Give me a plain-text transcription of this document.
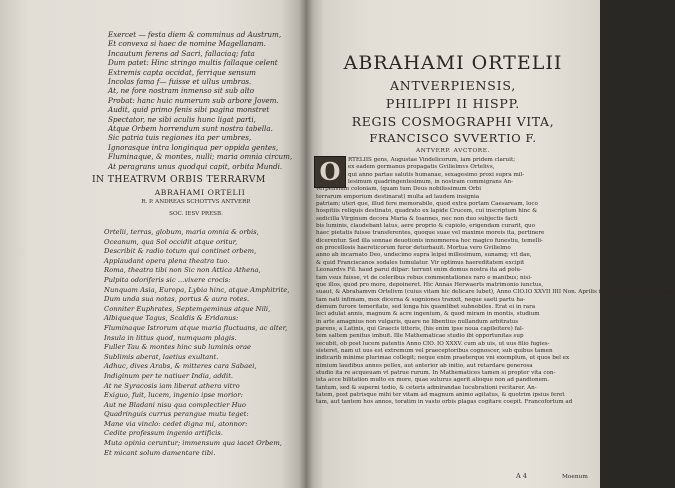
Exercet — festa diem & comminus ad Austrum,
Et convexa si haec de nomine Magellanam.
Incautum ferens ad Sacri, fallaciaq; fata
Dum patet: Hinc stringo multis fallaque celent
Extremis capta occidat, ferrique sensum
Incolas fama f— fuisse et ullus umbras.
At, ne fore nostram inmenso sit sub alto
Probat: hanc huic numerum sub arbore Jovem.
Audit, quid primo fenis sibi pagina monstret
Spectator, ne sibi aculis hunc ligat parti,
Atque Orbem horrendum sunt nostra tabella.
Sic patria tuis regiones ita per umbres,
Ignorasque intra longinqua per oppida gentes,
Fluminaque, & montes, nulli; maria omnia circum,
At peragrans unus quodqui capit, orbita Mundi.
IN THEATRVM ORBIS TERRARVM
ABRAHAMI ORTELII
R. P. ANDREAS SCHOTTVS ANTVERP.
SOC. IESV PRESB.
Ortelii, terras, globum, maria omnia & orbis,
Oceanum, qua Sol occidit atque oritur,
Describit & radio totum qui continet orbem,
Applaudant opera plena theatra tuo.
Roma, theatra tibi non Sic non Attica Athena,
Pulpita odoriferis sic ...vixere crocis:
Nunquam Asia, Europa, Lybia hinc, atque Amphitrite,
Dum unda sua notas, portus & aura rotes.
Conniter Euphrates, Septemgeminus atque Nili,
Albiqueque Tagus, Scaldis & Eridanus:
Fluminaque Istrorum atque maria fluctuans, ac alter,
Insula in littus quod, numquam plagis.
Fuller Tau & montes hinc sub luminis orae
Sublimis aberat, laetius exultant.
Adhuc, dives Arabs, & mitteres cara Sabaei,
Indiginum per te natiuer India, addit.
At ne Syracosis iam liberat athera vitro
Exiguo, fuit, lucem, ingenio ipse morior:
Aut ne Bladani nisu qua complectier Huo
Quadringuis currus perangue mutu teget:
Mane via vinclo: cedet digna mi, atonnor:
Cedite professum ingenio artificis.
Muta opinia ceruntur; immensum qua iacet Orbem,
Et micant solum damentare tibi.
ABRAHAMI ORTELII
ANTVERPIENSIS,
PHILIPPI II HISPP.
REGIS COSMOGRAPHI VITA,
FRANCISCO SVVERTIO F.
ANTVERP. AVCTORE.
O	RTELIIS gens, Augustae Vindelicorum, iam pridem claruit;
ex eadem germanus propagatis Gvilielmvs Ortelivs,
qui anno partae salutis humanae, sexagesimo proxi supra mil-
lesimum quadringentesimum, in nostram commigrans An-
verpensium coloniam, (quam tum Deus nobilissimum Orbi
terrarum emporium destinarat) multa ad laudem insignia
patriam; uteri que, illud fere memorabile, quod extra portam Caesaream, loco
hospitiis reliquis destinato, quadrato ex lapide Crucem, cui inscriptum hinc &
sedicilla Virginum decora Maria & Ioannes, nec non duo subjectis facti
bis luminis, claudebant latus, aere proprio & cupiolo, erigendam curarit, quo
haec pietatis fuisse transferentes, quoque suae vel maxime moreis ita, pertinere
dicerentur. Sed illa sonnae deuotionis innomnerea hoc magico funestiu, temelli-
on procellosis haereticorum furor deturbauit. Mortua vero Gvilielmo
anno ab incarnato Deo, undecimo supra leipsi millesimum, sunamq; vit dae,
& quid Franciscanos sodales tumulatur. Vir optimus haereditatem excipit
Leonardvs Fil. haud parui dilpar: terrunt enim domus nostra ita ad polu-
tum vsus fuisse, vt de celeribus rebus commentationes raro e manibus; nisi-
que illos, quod pro more, depoineret. Hic Annas Herwaerts matrimonio iunctus,
suaut, & Abrahamvm Ortelivm (cuius vitam hic delicare lubet), Anno CIO.IO XXVII IIII Non. Aprilis in lucem extulit, qui in illa-
tam nati infimam, mox dicerna & sugniones tranxit, neque saeti partu ha-
demum furore temeritate, sed longa his quamlibet subnobiles. Erat ei in rara
leci adulat annis, magnum & acre ingenium, & quod miram in montis, studium
in arte amagnius non vulgaris, quare ne libentius nullandum arbitratus
parens, a Latinis, qui Graecis litteris, (his enim ipse noua capileitere) fal-
tem saltem penitus imbuit. Ille Mathematicae studio ibi opportunitas sup
secubit, ob post lucem patentis Anno CIO. IO XXXV. cum ab uis, ut uus filio fugies-
sisteret, nam ut uus est extremum vel praeceptoribus cognoscer, sub quibus tamen
indicarib minime plurimae collegit; neque enim praeterque vni exemplum, ut quos bel ex
nimium laudibus annes pellex, aut anterior ab initio, aut retardare generosa
studio ita re acqueuam vt patrue rurum. In Mathematices tamen si propter vita con-
ista acce bilitation multo ex more, quae suturus agerit alioque non ad pandionem.
tantum, sed & superni tedio, & ceteris admirandae lucubrationi recitarer. An-
tatem, post patrisque mihi ter vitam ad magnum animo agitatus, & quotrim ipsius feret
tam, aut tantem hos annos, toratim in vasto orbis plagas cogitare coepit. Francofortum ad
A 4	Moenum
